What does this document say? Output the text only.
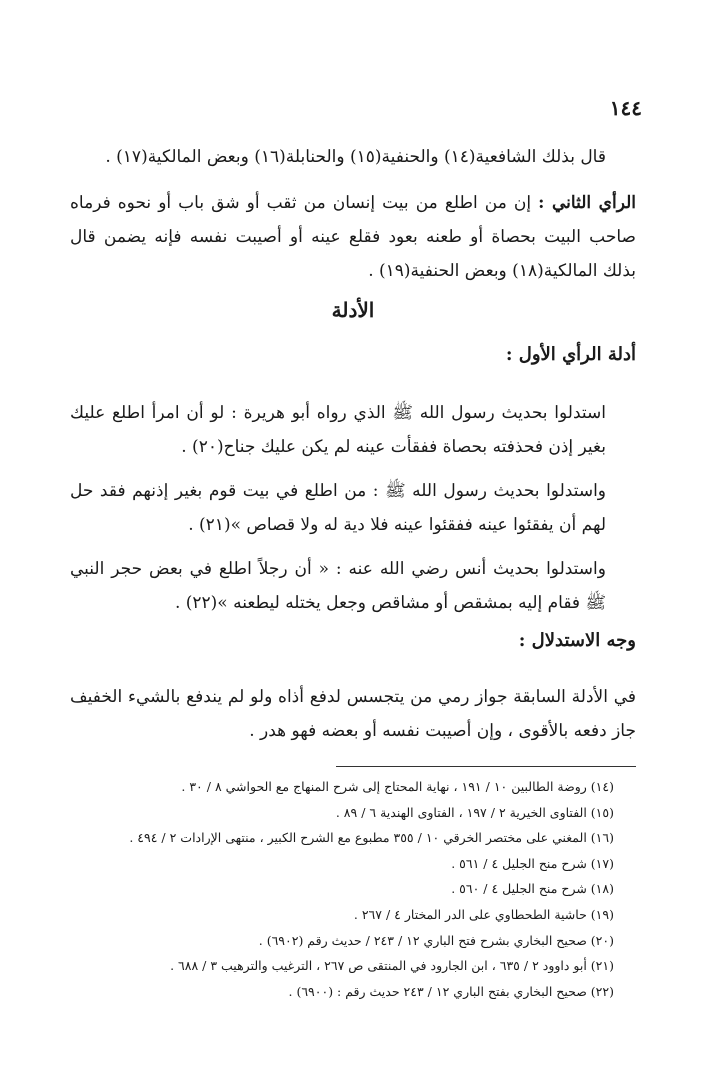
١٤٤

قال بذلك الشافعية(١٤) والحنفية(١٥) والحنابلة(١٦) وبعض المالكية(١٧) .

الرأي الثاني : إن من اطلع من بيت إنسان من ثقب أو شق باب أو نحوه فرماه صاحب البيت بحصاة أو طعنه بعود فقلع عينه أو أصيبت نفسه فإنه يضمن قال بذلك المالكية(١٨) وبعض الحنفية(١٩) .

الأدلة
أدلة الرأي الأول :

استدلوا بحديث رسول الله ﷺ الذي رواه أبو هريرة : لو أن امرأ اطلع عليك بغير إذن فحذفته بحصاة ففقأت عينه لم يكن عليك جناح(٢٠) .

واستدلوا بحديث رسول الله ﷺ : من اطلع في بيت قوم بغير إذنهم فقد حل لهم أن يفقئوا عينه ففقئوا عينه فلا دية له ولا قصاص »(٢١) .

واستدلوا بحديث أنس رضي الله عنه : « أن رجلاً اطلع في بعض حجر النبي ﷺ فقام إليه بمشقص أو مشاقص وجعل يختله ليطعنه »(٢٢) .

وجه الاستدلال :

في الأدلة السابقة جواز رمي من يتجسس لدفع أذاه ولو لم يندفع بالشيء الخفيف جاز دفعه بالأقوى ، وإن أصيبت نفسه أو بعضه فهو هدر .

(١٤) روضة الطالبين ١٠ / ١٩١ ، نهاية المحتاج إلى شرح المنهاج مع الحواشي ٨ / ٣٠ .
(١٥) الفتاوى الخيرية ٢ / ١٩٧ ، الفتاوى الهندية ٦ / ٨٩ .
(١٦) المغني على مختصر الخرقي ١٠ / ٣٥٥ مطبوع مع الشرح الكبير ، منتهى الإرادات ٢ / ٤٩٤ .
(١٧) شرح منح الجليل ٤ / ٥٦١ .
(١٨) شرح منح الجليل ٤ / ٥٦٠ .
(١٩) حاشية الطحطاوي على الدر المختار ٤ / ٢٦٧ .
(٢٠) صحيح البخاري بشرح فتح الباري ١٢ / ٢٤٣ / حديث رقم (٦٩٠٢) .
(٢١) أبو داوود ٢ / ٦٣٥ ، ابن الجارود في المنتقى ص ٢٦٧ ، الترغيب والترهيب ٣ / ٦٨٨ .
(٢٢) صحيح البخاري بفتح الباري ١٢ / ٢٤٣ حديث رقم : (٦٩٠٠) .
